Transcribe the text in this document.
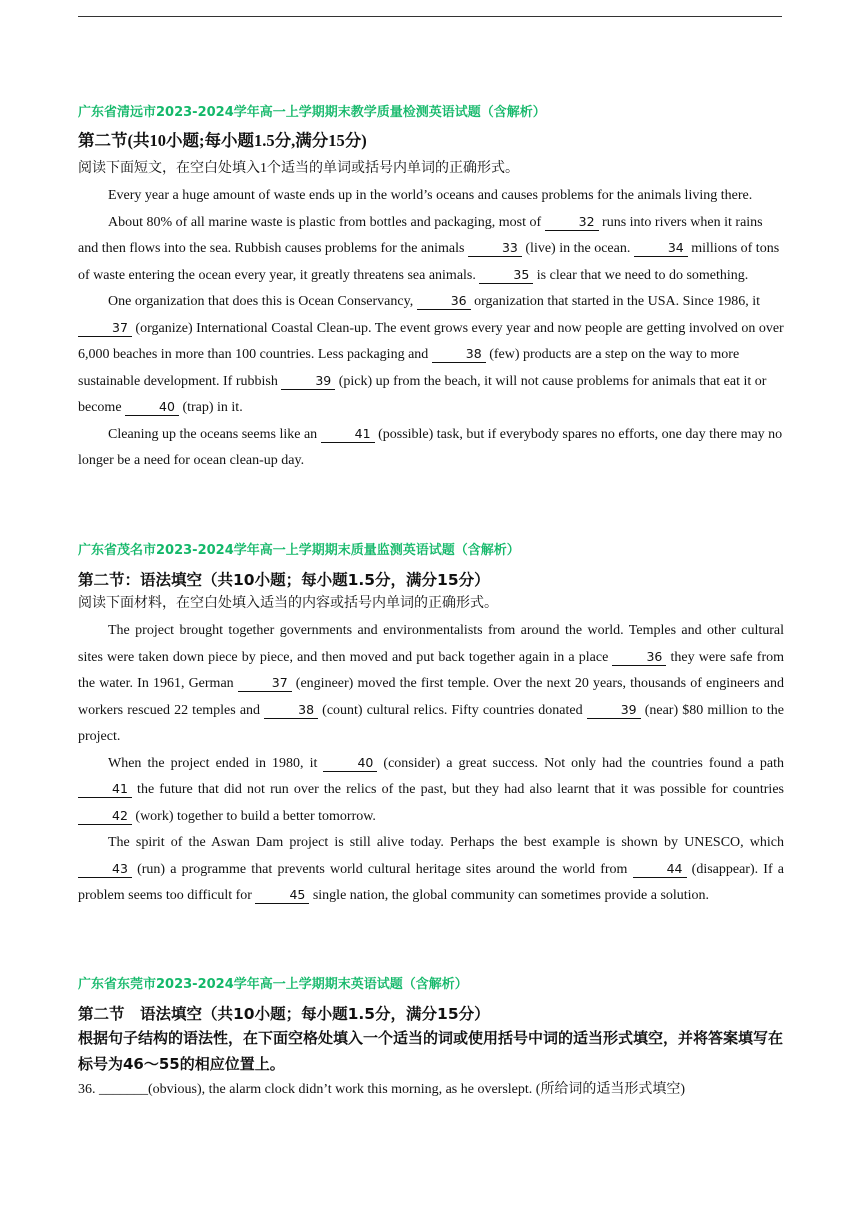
广东省清远市2023-2024学年高一上学期期末教学质量检测英语试题（含解析）
第二节(共10小题;每小题1.5分,满分15分)
阅读下面短文，在空白处填入1个适当的单词或括号内单词的正确形式。

Every year a huge amount of waste ends up in the world’s oceans and causes problems for the animals living there.

About 80% of all marine waste is plastic from bottles and packaging, most of	32 runs into rivers when it rains and then flows into the sea. Rubbish causes problems for the animals	33 (live) in the ocean.	34 millions of tons of waste entering the ocean every year, it greatly threatens sea animals.	35 is clear that we need to do something.

One organization that does this is Ocean Conservancy,	36 organization that started in the USA. Since 1986, it 37 (organize) International Coastal Clean-up. The event grows every year and now people are getting involved on over 6,000 beaches in more than 100 countries. Less packaging and	38 (few) products are a step on the way to more sustainable development. If rubbish	39 (pick) up from the beach, it will not cause problems for animals that eat it or become	40 (trap) in it.

Cleaning up the oceans seems like an	41 (possible) task, but if everybody spares no efforts, one day there may no longer be a need for ocean clean-up day.

广东省茂名市2023-2024学年高一上学期期末质量监测英语试题（含解析）
第二节：语法填空（共10小题；每小题1.5分，满分15分）
阅读下面材料，在空白处填入适当的内容或括号内单词的正确形式。

The project brought together governments and environmentalists from around the world. Temples and other cultural sites were taken down piece by piece, and then moved and put back together again in a place	36 they were safe from the water. In 1961, German	37 (engineer) moved the first temple. Over the next 20 years, thousands of engineers and workers rescued 22 temples and	38 (count) cultural relics. Fifty countries donated	39 (near) $80 million to the project.

When the project ended in 1980, it	40 (consider) a great success. Not only had the countries found a path 41 the future that did not run over the relics of the past, but they had also learnt that it was possible for countries 42 (work) together to build a better tomorrow.

The spirit of the Aswan Dam project is still alive today. Perhaps the best example is shown by UNESCO, which 43 (run) a programme that prevents world cultural heritage sites around the world from	44 (disappear). If a problem seems too difficult for	45 single nation, the global community can sometimes provide a solution.

广东省东莞市2023-2024学年高一上学期期末英语试题（含解析）
第二节　语法填空（共10小题；每小题1.5分，满分15分）
根据句子结构的语法性，在下面空格处填入一个适当的词或使用括号中词的适当形式填空，并将答案填写在标号为46～55的相应位置上。
36. _______(obvious), the alarm clock didn’t work this morning, as he overslept. (所给词的适当形式填空)
